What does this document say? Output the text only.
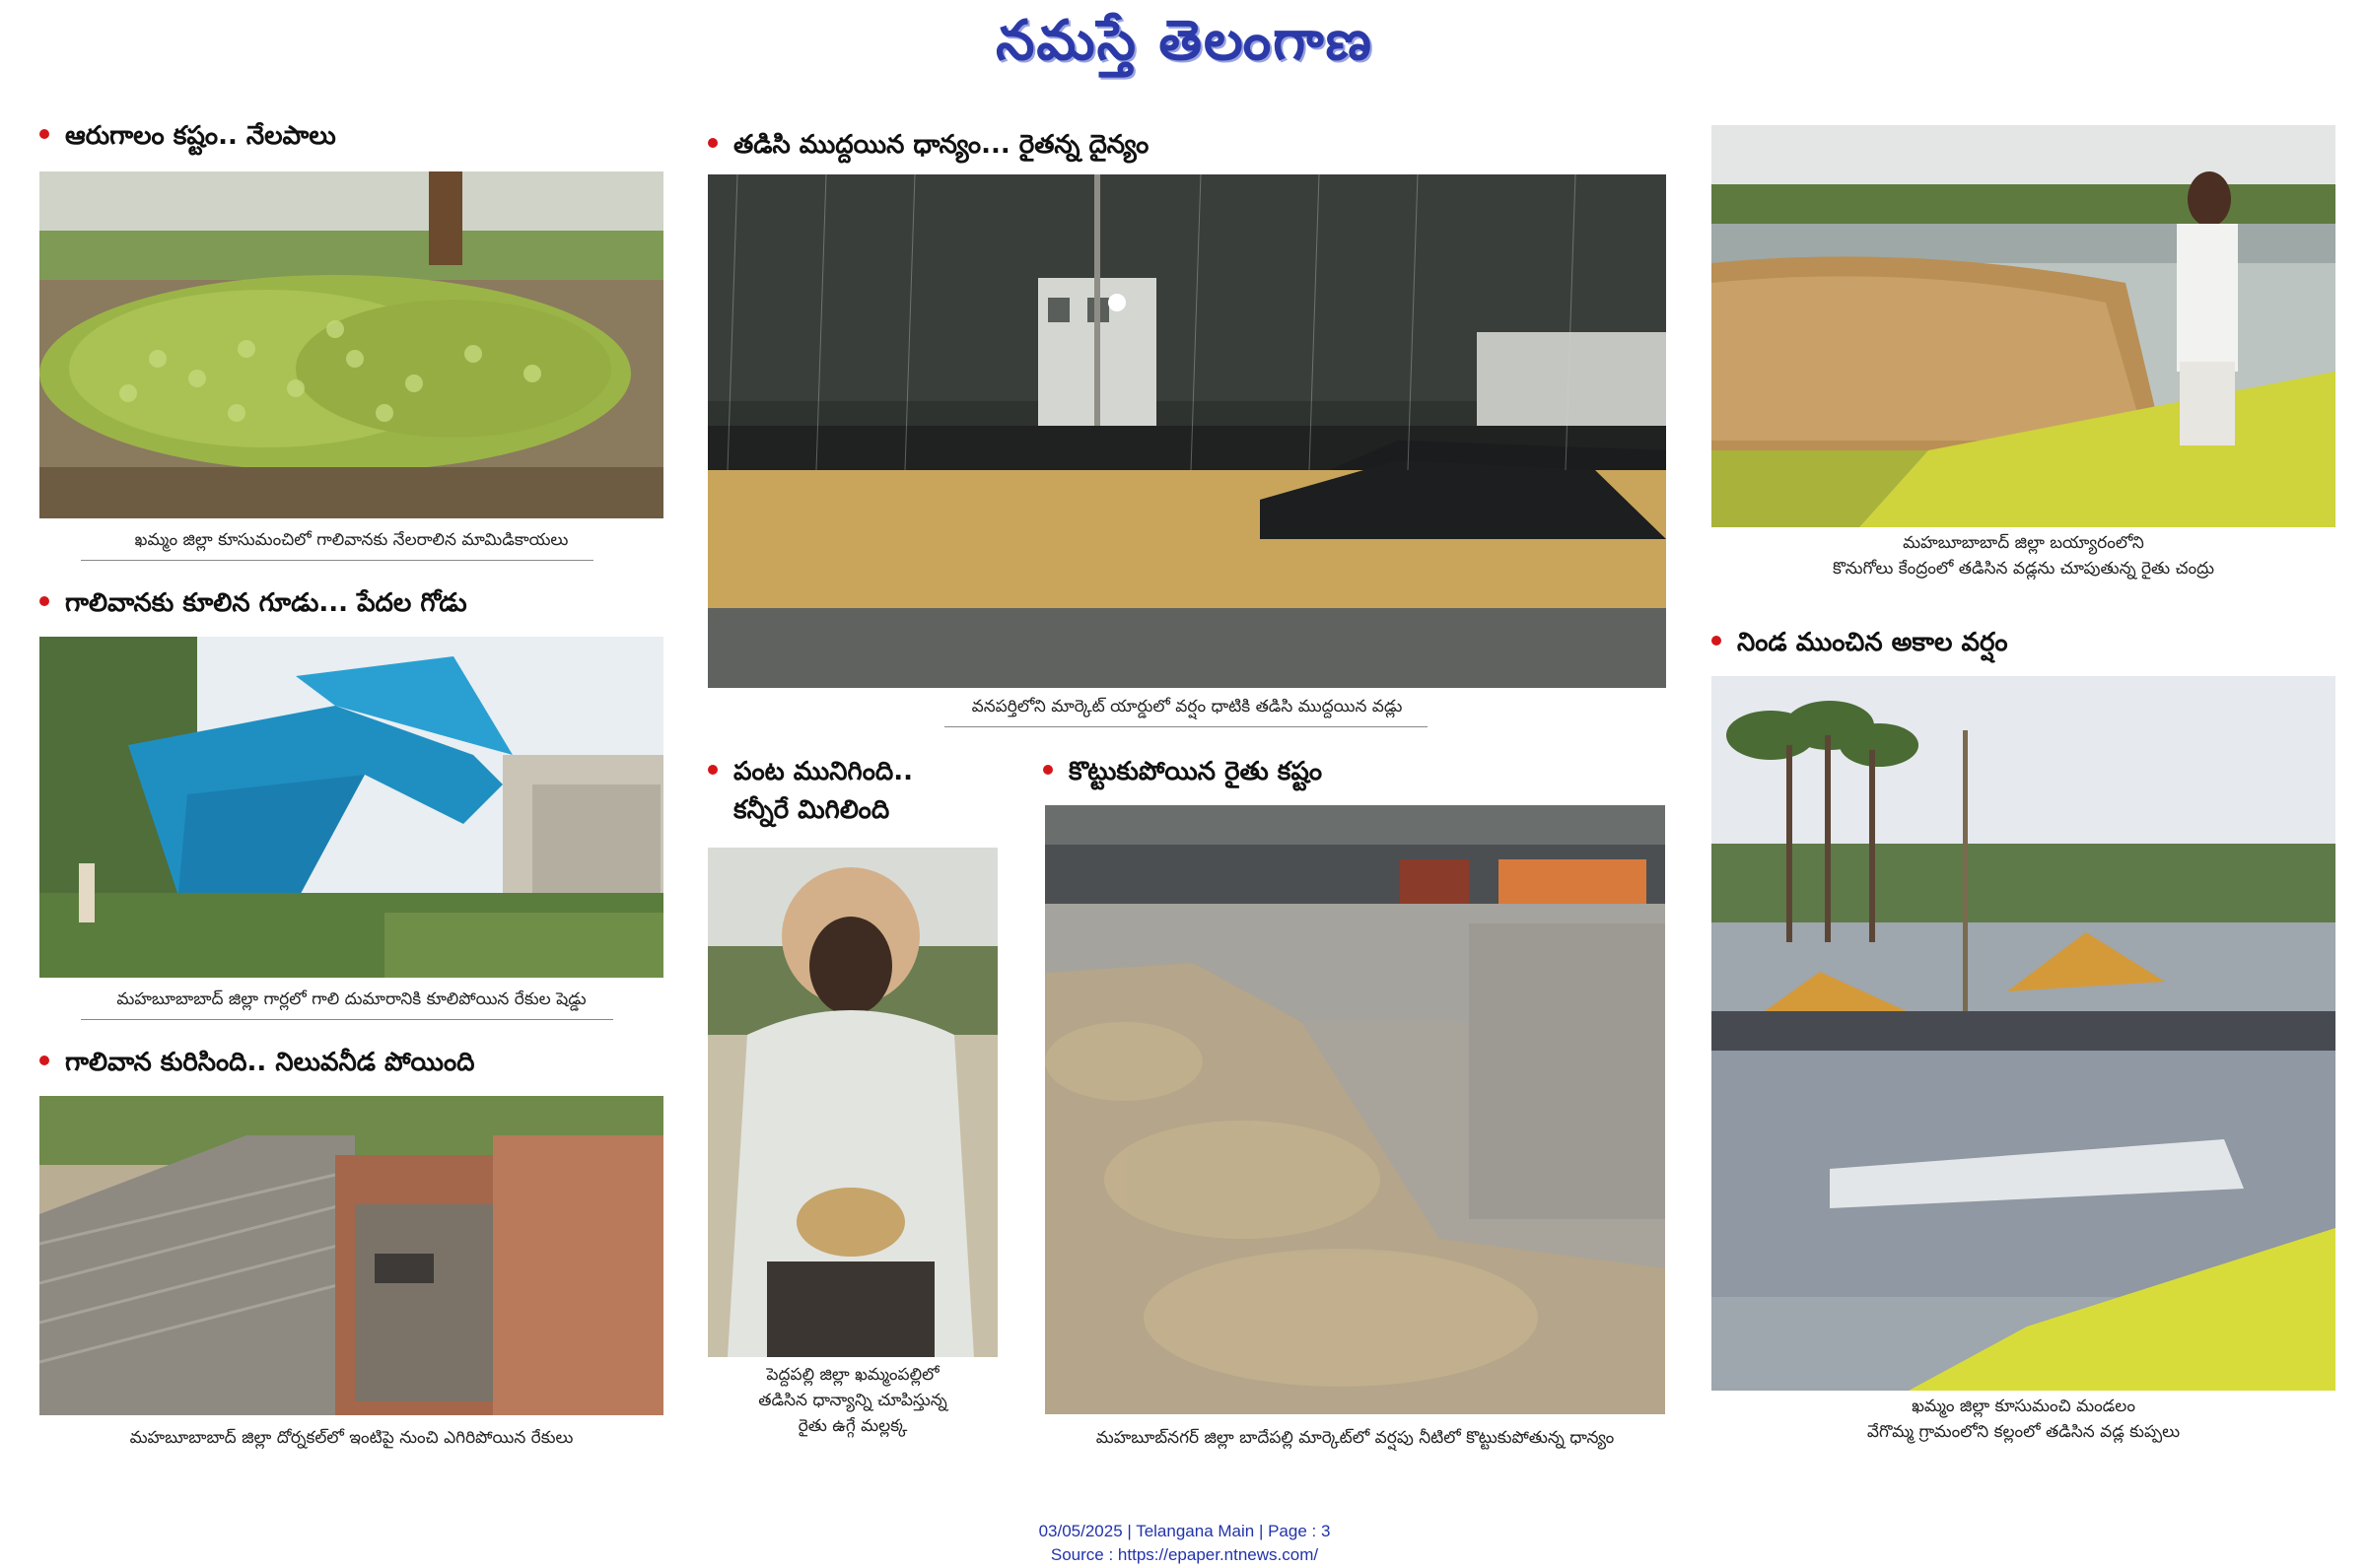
నమస్తే తెలంగాణ
ఆరుగాలం కష్టం.. నేలపాలు
ఖమ్మం జిల్లా కూసుమంచిలో గాలివానకు నేలరాలిన మామిడికాయలు
గాలివానకు కూలిన గూడు... పేదల గోడు
మహబూబాబాద్ జిల్లా గార్లలో గాలి దుమారానికి కూలిపోయిన రేకుల షెడ్డు
గాలివాన కురిసింది.. నిలువనీడ పోయింది
మహబూబాబాద్ జిల్లా దోర్నకల్‌లో ఇంటిపై నుంచి ఎగిరిపోయిన రేకులు
తడిసి ముద్దయిన ధాన్యం... రైతన్న దైన్యం
వనపర్తిలోని మార్కెట్ యార్డులో వర్షం ధాటికి తడిసి ముద్దయిన వడ్లు
పంట మునిగింది..
కన్నీరే మిగిలింది
పెద్దపల్లి జిల్లా ఖమ్మంపల్లిలో
తడిసిన ధాన్యాన్ని చూపిస్తున్న
రైతు ఉగ్గే మల్లక్క
కొట్టుకుపోయిన రైతు కష్టం
మహబూబ్‌నగర్ జిల్లా బాదేపల్లి మార్కెట్‌లో వర్షపు నీటిలో కొట్టుకుపోతున్న ధాన్యం
మహబూబాబాద్ జిల్లా బయ్యారంలోని
కొనుగోలు కేంద్రంలో తడిసిన వడ్లను చూపుతున్న రైతు చంద్రు
నిండ ముంచిన అకాల వర్షం
ఖమ్మం జిల్లా కూసుమంచి మండలం
వేగొమ్మ గ్రామంలోని కల్లంలో తడిసిన వడ్ల కుప్పలు
03/05/2025 | Telangana Main | Page : 3
Source : https://epaper.ntnews.com/
